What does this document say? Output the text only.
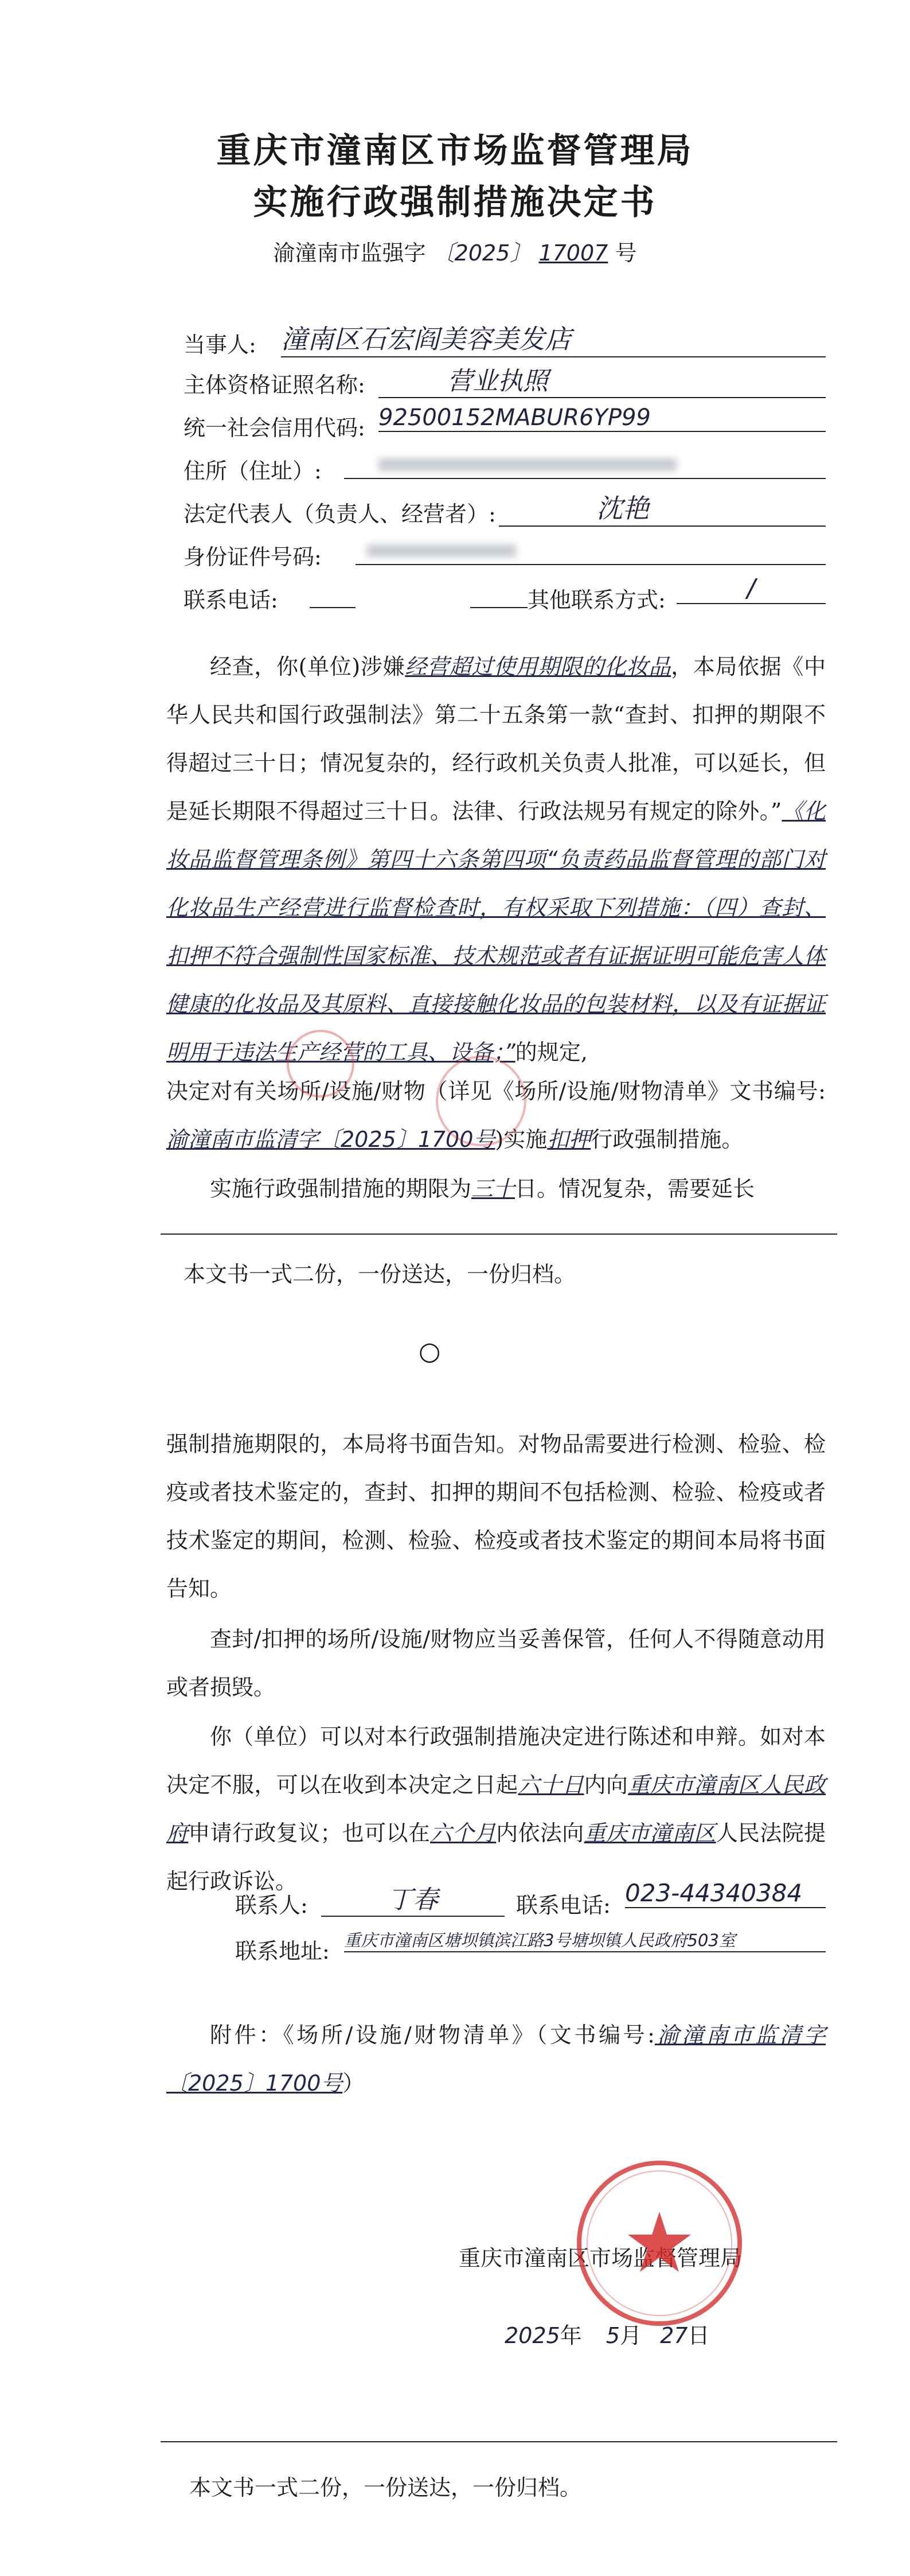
重庆市潼南区市场监督管理局
实施行政强制措施决定书
渝潼南市监强字 〔2025〕 17007 号
当事人: 潼南区石宏阎美容美发店
主体资格证照名称:	营业执照
统一社会信用代码: 92500152MABUR6YP99
住所（住址）:
法定代表人（负责人、经营者）:	沈艳
身份证件号码:
联系电话:	其他联系方式:	/
经查，你(单位)涉嫌经营超过使用期限的化妆品，本局依据《中华人民共和国行政强制法》第二十五条第一款“查封、扣押的期限不得超过三十日；情况复杂的，经行政机关负责人批准，可以延长，但是延长期限不得超过三十日。法律、行政法规另有规定的除外。”《化妆品监督管理条例》第四十六条第四项“负责药品监督管理的部门对化妆品生产经营进行监督检查时，有权采取下列措施：（四）查封、扣押不符合强制性国家标准、技术规范或者有证据证明可能危害人体健康的化妆品及其原料、直接接触化妆品的包装材料，以及有证据证明用于违法生产经营的工具、设备；”的规定,
决定对有关场所/设施/财物（详见《场所/设施/财物清单》文书编号:渝潼南市监清字〔2025〕1700号)实施扣押行政强制措施。
实施行政强制措施的期限为三十日。情况复杂，需要延长
本文书一式二份，一份送达，一份归档。
○
强制措施期限的，本局将书面告知。对物品需要进行检测、检验、检疫或者技术鉴定的，查封、扣押的期间不包括检测、检验、检疫或者技术鉴定的期间，检测、检验、检疫或者技术鉴定的期间本局将书面告知。
查封/扣押的场所/设施/财物应当妥善保管，任何人不得随意动用或者损毁。
你（单位）可以对本行政强制措施决定进行陈述和申辩。如对本决定不服，可以在收到本决定之日起六十日内向重庆市潼南区人民政府申请行政复议；也可以在六个月内依法向重庆市潼南区人民法院提起行政诉讼。
联系人:	丁春	联系电话: 023-44340384
联系地址: 重庆市潼南区塘坝镇滨江路3号塘坝镇人民政府503室
附件：《场所/设施/财物清单》（文书编号:渝潼南市监清字〔2025〕1700号）
重庆市潼南区市场监督管理局
2025年 5月 27日
本文书一式二份，一份送达，一份归档。
